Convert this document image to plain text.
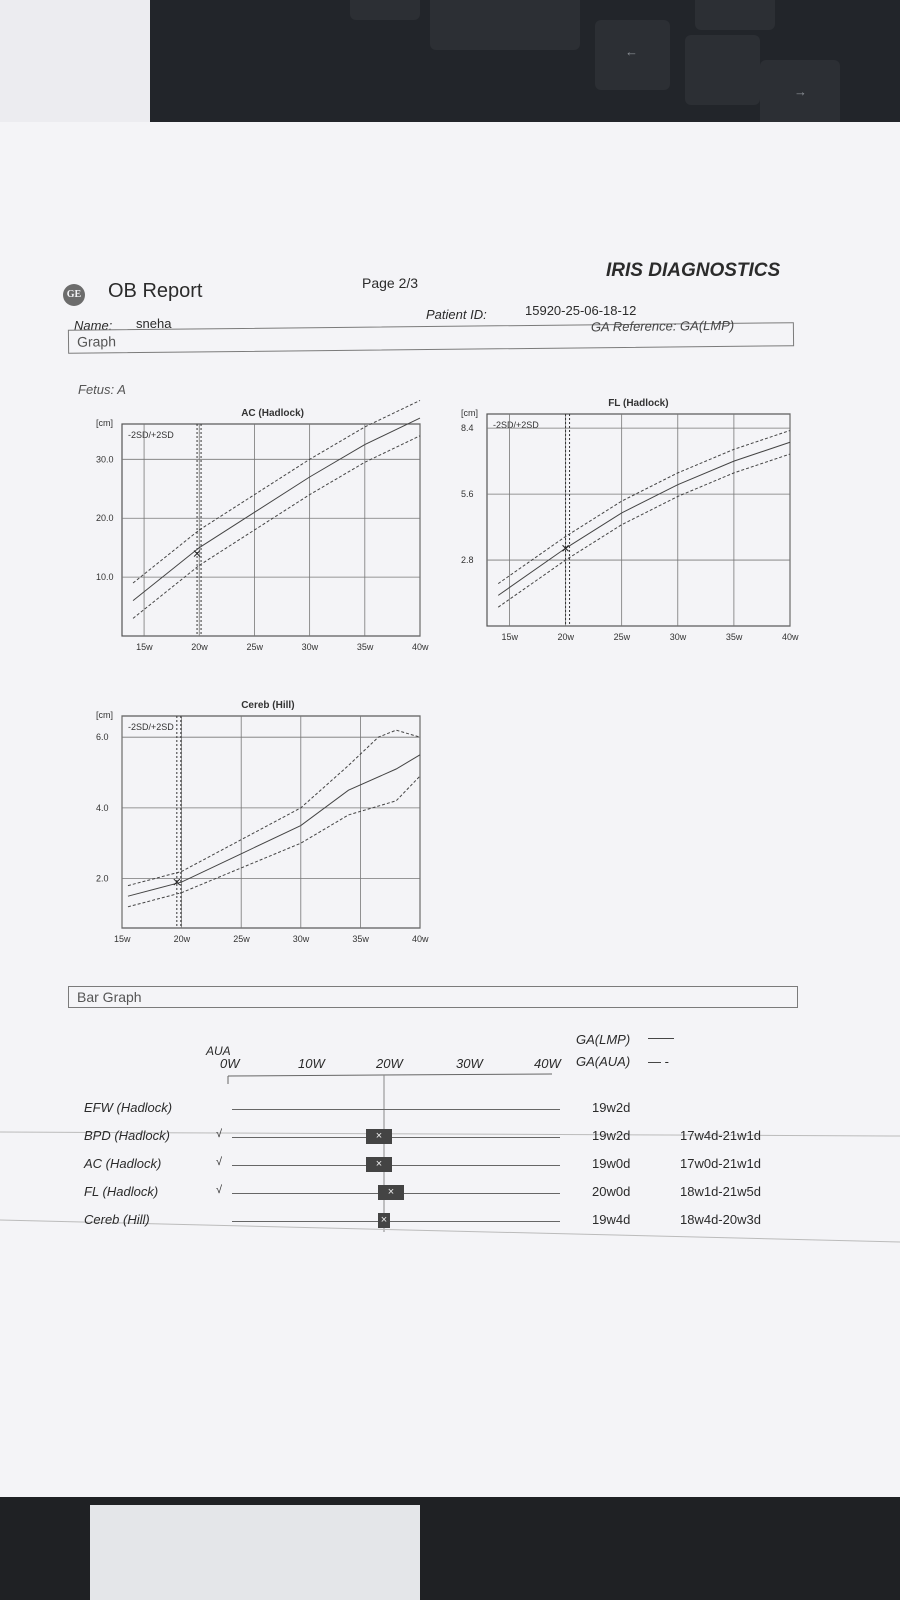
←
→
GE OB Report	Page 2/3
IRIS DIAGNOSTICS
Name: sneha
Patient ID:	15920-25-06-18-12
Graph
GA Reference: GA(LMP)
Fetus: A
AC (Hadlock)
[cm]
-2SD/+2SD
15w	20w	25w	30w	35w	40w
10.0
20.0
30.0
FL (Hadlock)
[cm]
-2SD/+2SD
15w	20w	25w	30w	35w	40w
2.8
5.6
8.4
Cereb (Hill)
[cm]
-2SD/+2SD
15w	20w	25w	30w	35w	40w
2.0
4.0
6.0
Bar Graph
GA(LMP) ——
GA(AUA) — -
AUA
0W	10W	20W	30W	40W
EFW (Hadlock)	19w2d
BPD (Hadlock)	√	19w2d	17w4d-21w1d
×
AC (Hadlock)	√	19w0d	17w0d-21w1d
×
FL (Hadlock)	√	20w0d	18w1d-21w5d
×
Cereb (Hill)	19w4d	18w4d-20w3d
×
